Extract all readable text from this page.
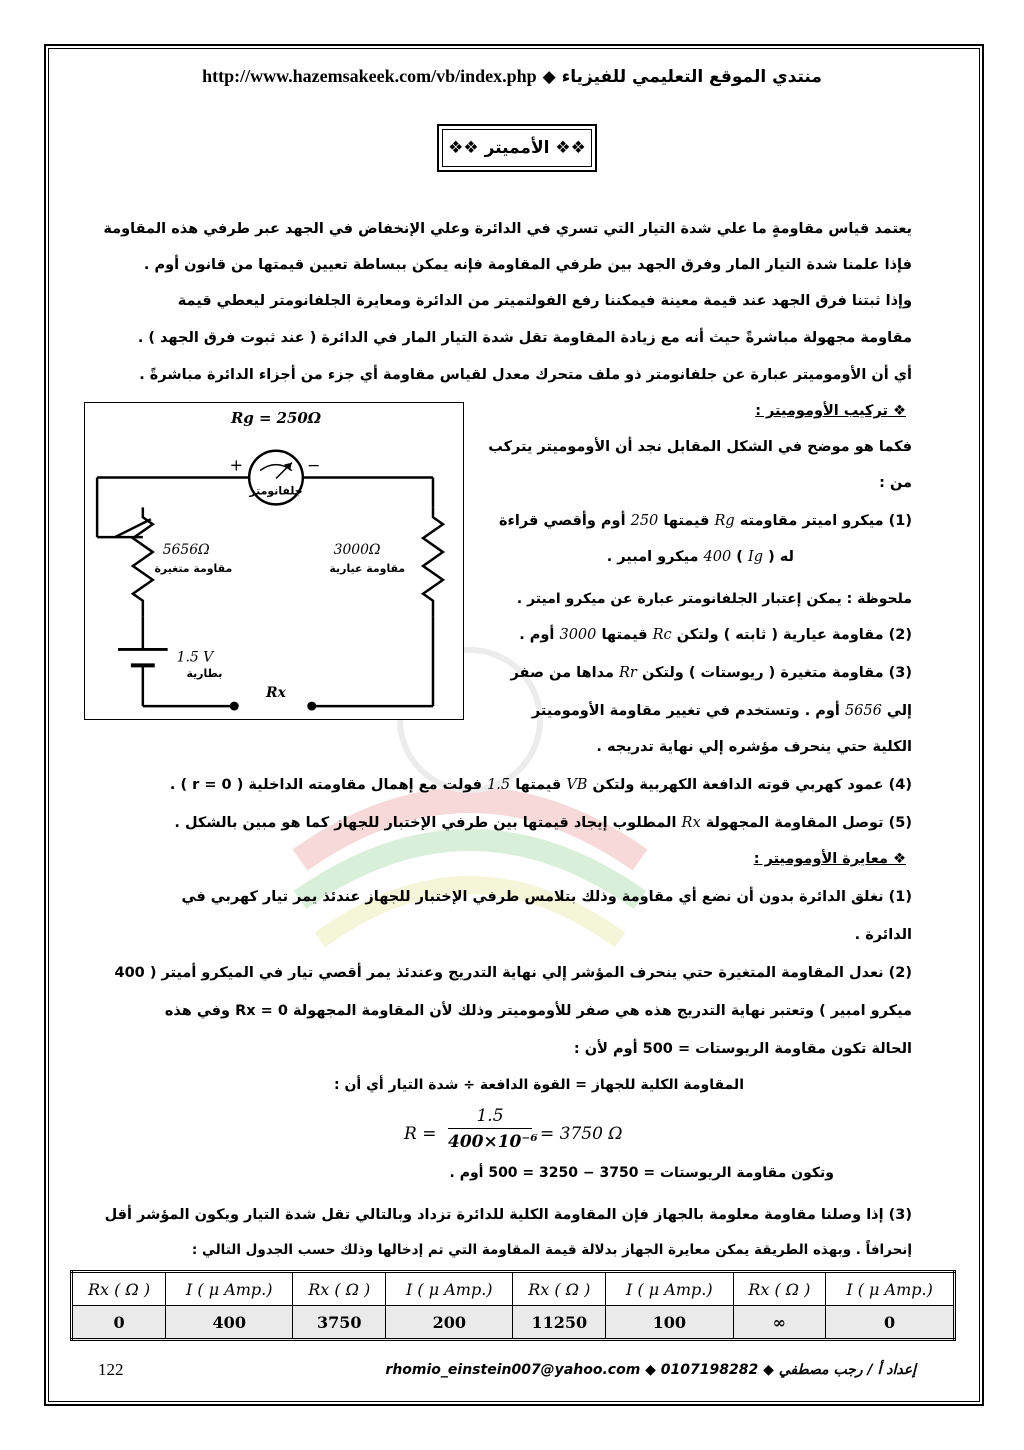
http://www.hazemsakeek.com/vb/index.php ◆ منتدي الموقع التعليمي للفيزياء
❖❖
الأمميتر
❖❖
يعتمد قياس مقاومةٍ ما علي شدة التيار التي تسري في الدائرة وعلي الإنخفاض في الجهد عبر طرفي هذه المقاومة
فإذا علمنا شدة التيار المار وفرق الجهد بين طرفي المقاومة فإنه يمكن ببساطة تعيين قيمتها من قانون أوم .
وإذا ثبتنا فرق الجهد عند قيمة معينة فيمكننا رفع الفولتميتر من الدائرة ومعايرة الجلفانومتر ليعطي قيمة
مقاومة مجهولة مباشرةً حيث أنه مع زيادة المقاومة تقل شدة التيار المار في الدائرة ( عند ثبوت فرق الجهد ) .
أي أن الأوموميتر عبارة عن جلفانومتر ذو ملف متحرك معدل لقياس مقاومة أي جزء من أجزاء الدائرة مباشرةً .
❖ تركيب الأوموميتر :
فكما هو موضح في الشكل المقابل نجد أن الأوموميتر يتركب
من :
(1) ميكرو اميتر مقاومته Rg قيمتها 250 أوم وأقصي قراءة
له ( Ig ) 400 ميكرو امبير .
ملحوظة : يمكن إعتبار الجلفانومتر عبارة عن ميكرو اميتر .
(2) مقاومة عيارية ( ثابته ) ولتكن Rc قيمتها 3000 أوم .
(3) مقاومة متغيرة ( ريوستات ) ولتكن Rr مداها من صفر
إلي 5656 أوم . وتستخدم في تغيير مقاومة الأوموميتر
الكلية حتي ينحرف مؤشره إلي نهاية تدريجه .
(4) عمود كهربي قوته الدافعة الكهربية ولتكن VB قيمتها 1.5 فولت مع إهمال مقاومته الداخلية ( r = 0 ) .
(5) توصل المقاومة المجهولة Rx المطلوب إيجاد قيمتها بين طرفي الإختبار للجهاز كما هو مبين بالشكل .
Rg = 250Ω
جلفانومتر
+	−
5656Ω
مقاومة متغيرة
3000Ω
مقاومة عيارية
1.5 V
بطارية
Rx
❖ معايرة الأوموميتر :
(1) نغلق الدائرة بدون أن نضع أي مقاومة وذلك بتلامس طرفي الإختبار للجهاز عندئذ يمر تيار كهربي في
الدائرة .
(2) نعدل المقاومة المتغيرة حتي ينحرف المؤشر إلي نهاية التدريج وعندئذ يمر أقصي تيار في الميكرو أميتر ( 400
ميكرو امبير ) وتعتبر نهاية التدريج هذه هي صفر للأوموميتر وذلك لأن المقاومة المجهولة Rx = 0 وفي هذه
الحالة تكون مقاومة الريوستات = 500 أوم لأن :
المقاومة الكلية للجهاز = القوة الدافعة ÷ شدة التيار أي أن :
R =
1.5
400×10⁻⁶ = 3750 Ω
وتكون مقاومة الريوستات = 3750 − 3250 = 500 أوم .
(3) إذا وصلنا مقاومة معلومة بالجهاز فإن المقاومة الكلية للدائرة تزداد وبالتالي تقل شدة التيار ويكون المؤشر أقل
إنحرافاً . وبهذه الطريقة يمكن معايرة الجهاز بدلالة قيمة المقاومة التي تم إدخالها وذلك حسب الجدول التالي :
Rx ( Ω )	I ( μ Amp.)	Rx ( Ω )	I ( μ Amp.)	Rx ( Ω )	I ( μ Amp.)	Rx ( Ω )	I ( μ Amp.)
0	400	3750	200	11250	100	∞	0
122	rhomio_einstein007@yahoo.com ◆ 0107198282 ◆ إعداد أ / رجب مصطفي
